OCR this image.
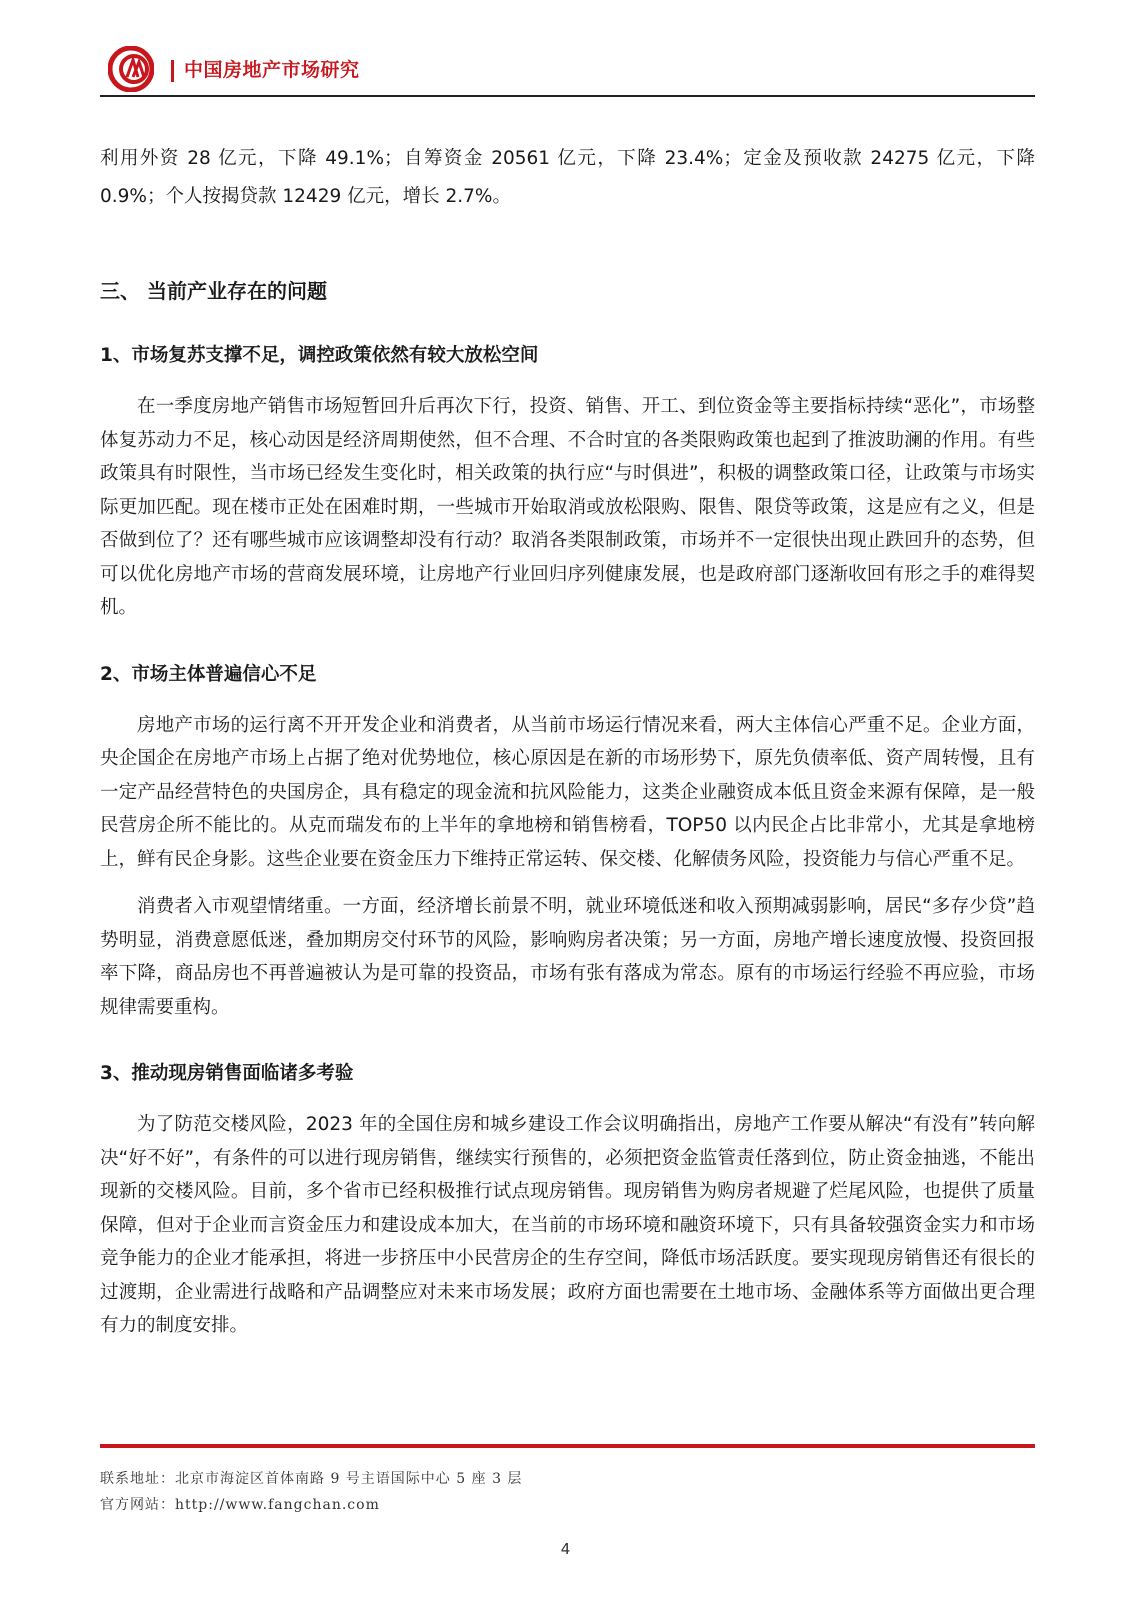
中国房地产市场研究

利用外资 28 亿元，下降 49.1%；自筹资金 20561 亿元，下降 23.4%；定金及预收款 24275 亿元，下降 0.9%；个人按揭贷款 12429 亿元，增长 2.7%。

三、 当前产业存在的问题
1、市场复苏支撑不足，调控政策依然有较大放松空间

在一季度房地产销售市场短暂回升后再次下行，投资、销售、开工、到位资金等主要指标持续“恶化”，市场整体复苏动力不足，核心动因是经济周期使然，但不合理、不合时宜的各类限购政策也起到了推波助澜的作用。有些政策具有时限性，当市场已经发生变化时，相关政策的执行应“与时俱进”，积极的调整政策口径，让政策与市场实际更加匹配。现在楼市正处在困难时期，一些城市开始取消或放松限购、限售、限贷等政策，这是应有之义，但是否做到位了？还有哪些城市应该调整却没有行动？取消各类限制政策，市场并不一定很快出现止跌回升的态势，但可以优化房地产市场的营商发展环境，让房地产行业回归序列健康发展，也是政府部门逐渐收回有形之手的难得契机。

2、市场主体普遍信心不足

房地产市场的运行离不开开发企业和消费者，从当前市场运行情况来看，两大主体信心严重不足。企业方面，央企国企在房地产市场上占据了绝对优势地位，核心原因是在新的市场形势下，原先负债率低、资产周转慢，且有一定产品经营特色的央国房企，具有稳定的现金流和抗风险能力，这类企业融资成本低且资金来源有保障，是一般民营房企所不能比的。从克而瑞发布的上半年的拿地榜和销售榜看，TOP50 以内民企占比非常小，尤其是拿地榜上，鲜有民企身影。这些企业要在资金压力下维持正常运转、保交楼、化解债务风险，投资能力与信心严重不足。

消费者入市观望情绪重。一方面，经济增长前景不明，就业环境低迷和收入预期减弱影响，居民“多存少贷”趋势明显，消费意愿低迷，叠加期房交付环节的风险，影响购房者决策；另一方面，房地产增长速度放慢、投资回报率下降，商品房也不再普遍被认为是可靠的投资品，市场有张有落成为常态。原有的市场运行经验不再应验，市场规律需要重构。

3、推动现房销售面临诸多考验

为了防范交楼风险，2023 年的全国住房和城乡建设工作会议明确指出，房地产工作要从解决“有没有”转向解决“好不好”，有条件的可以进行现房销售，继续实行预售的，必须把资金监管责任落到位，防止资金抽逃，不能出现新的交楼风险。目前，多个省市已经积极推行试点现房销售。现房销售为购房者规避了烂尾风险，也提供了质量保障，但对于企业而言资金压力和建设成本加大，在当前的市场环境和融资环境下，只有具备较强资金实力和市场竞争能力的企业才能承担，将进一步挤压中小民营房企的生存空间，降低市场活跃度。要实现现房销售还有很长的过渡期，企业需进行战略和产品调整应对未来市场发展；政府方面也需要在土地市场、金融体系等方面做出更合理有力的制度安排。

联系地址：北京市海淀区首体南路 9 号主语国际中心 5 座 3 层
官方网站：http://www.fangchan.com
4
